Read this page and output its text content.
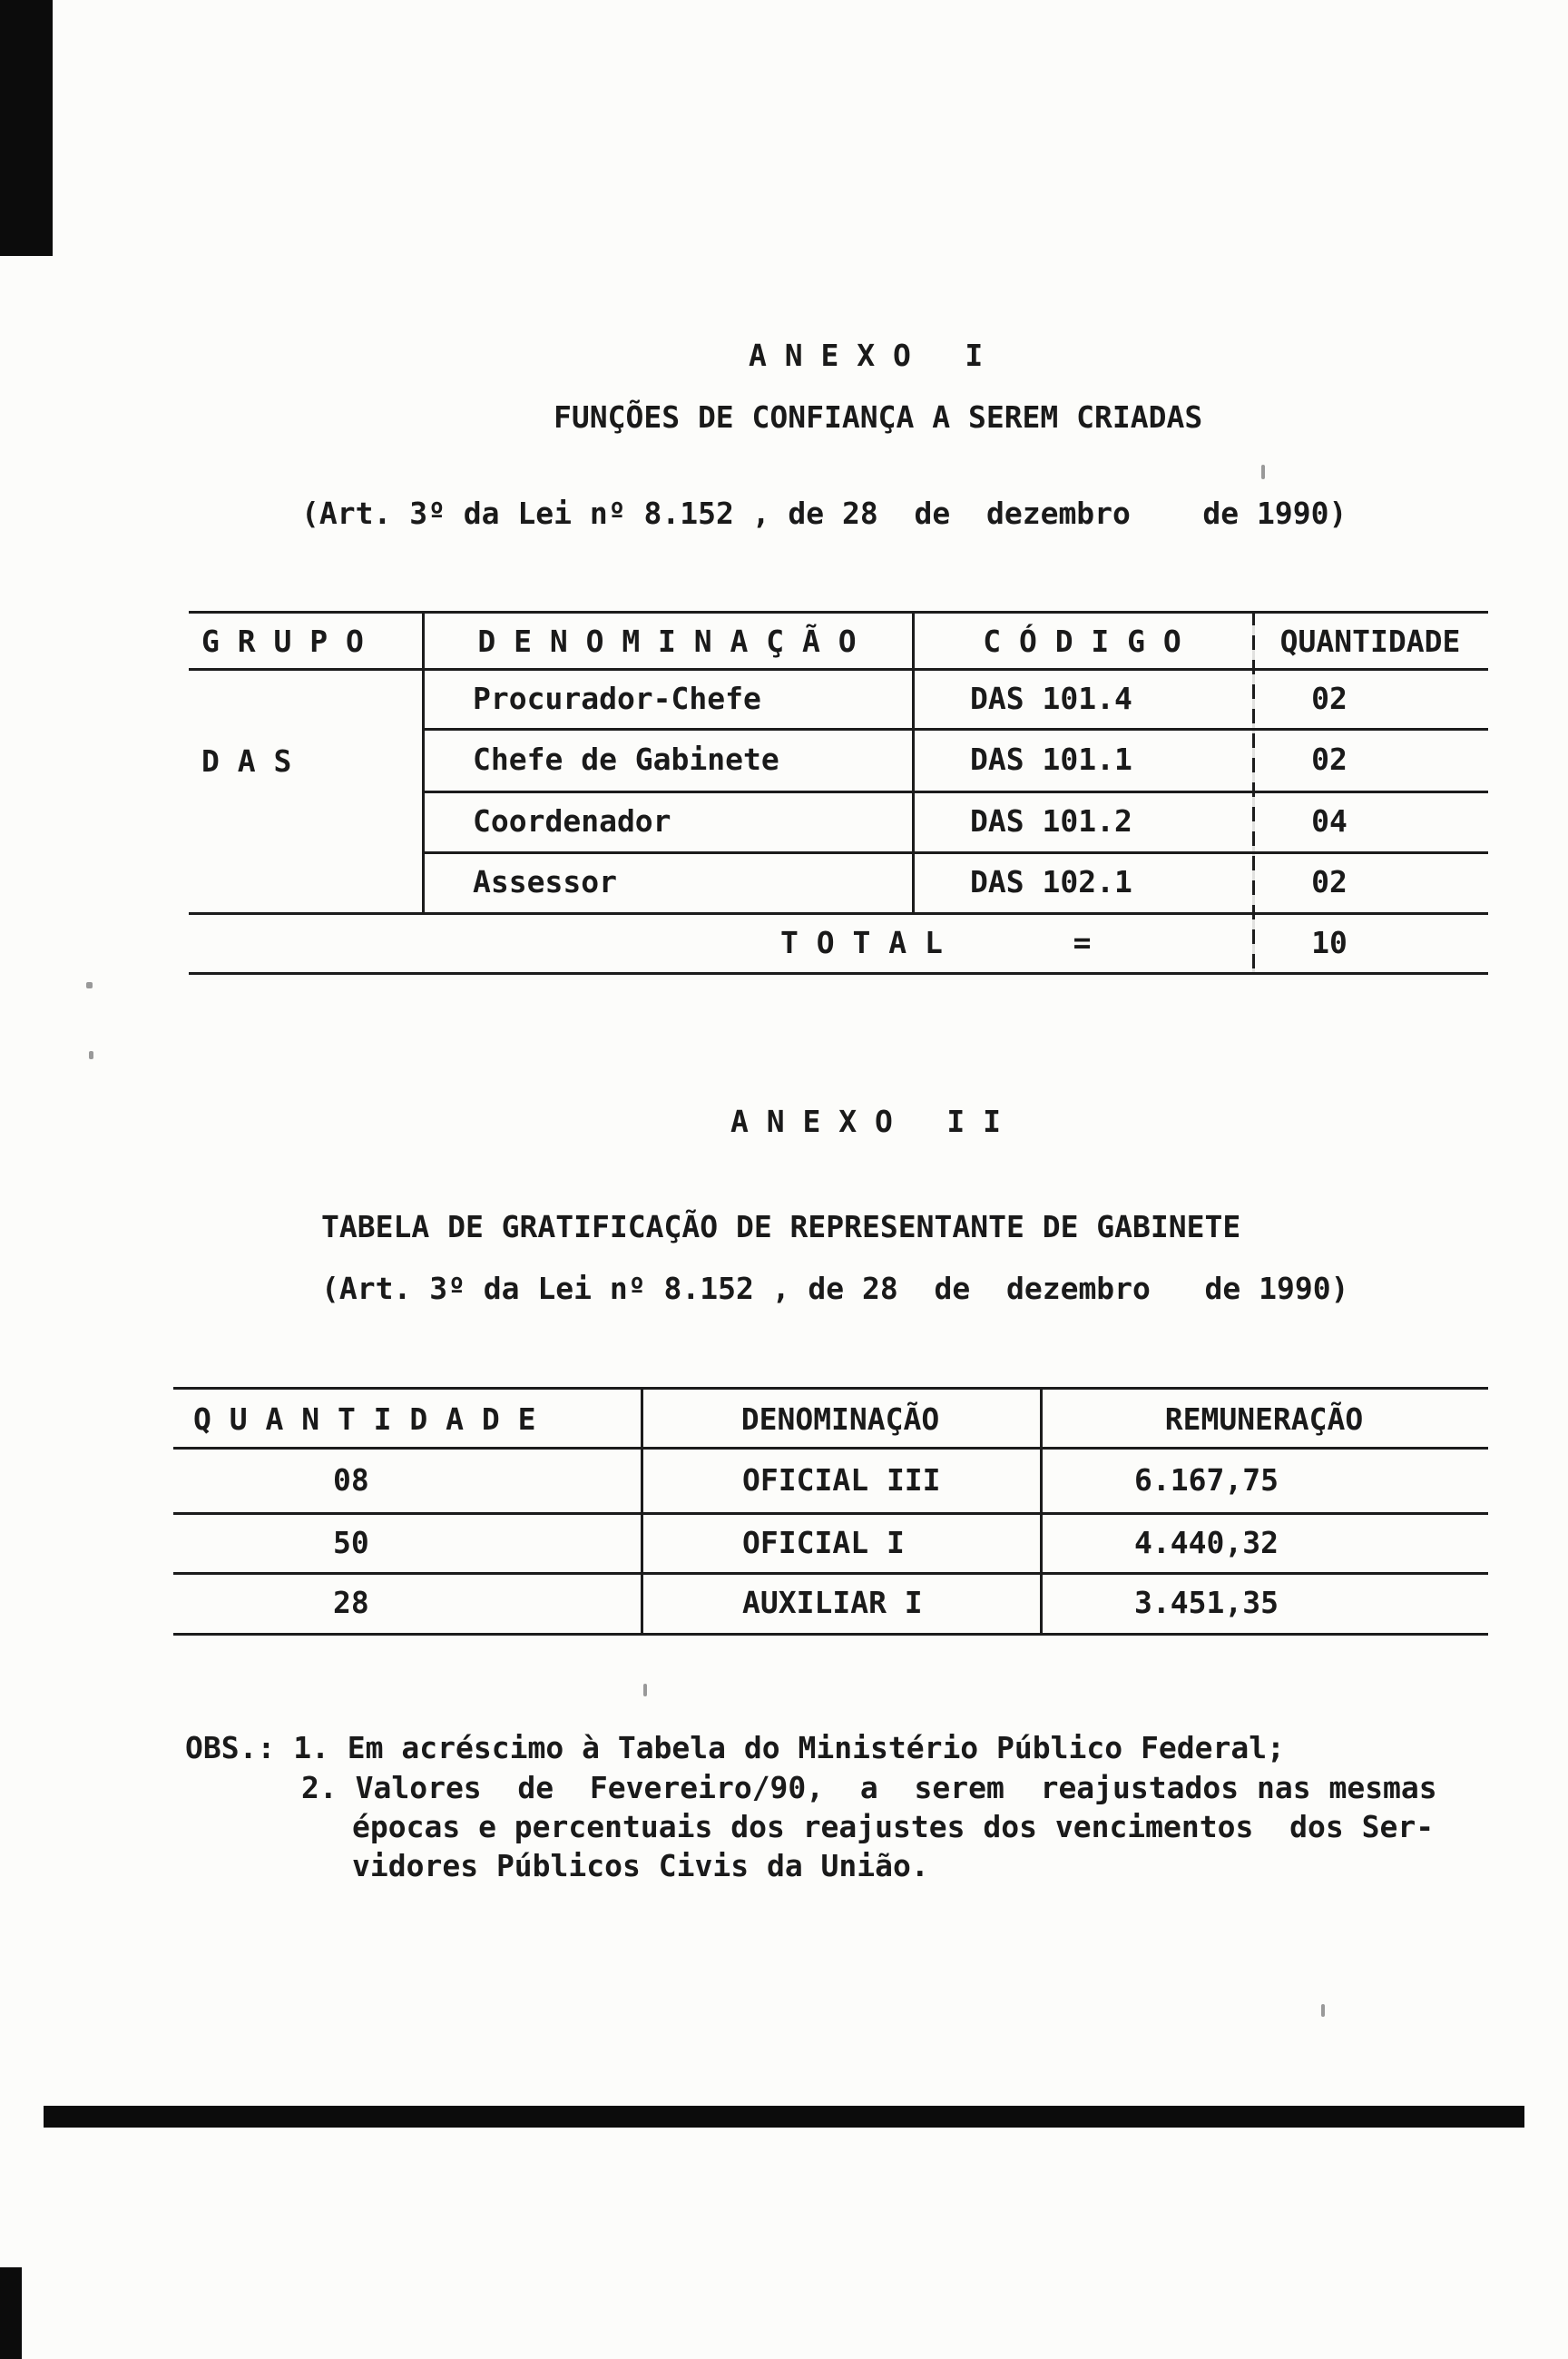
A N E X O   I
FUNÇÕES DE CONFIANÇA A SEREM CRIADAS
(Art. 3º da Lei nº 8.152 , de 28  de  dezembro    de 1990)
G R U P O	D E N O M I N A Ç Ã O	C Ó D I G O	QUANTIDADE
D A S
Procurador-Chefe	DAS 101.4	02
Chefe de Gabinete	DAS 101.1	02
Coordenador	DAS 101.2	04
Assessor	DAS 102.1	02
T O T A L	=	10
A N E X O   I I
TABELA DE GRATIFICAÇÃO DE REPRESENTANTE DE GABINETE
(Art. 3º da Lei nº 8.152 , de 28  de  dezembro   de 1990)
Q U A N T I D A D E	DENOMINAÇÃO	REMUNERAÇÃO
08	OFICIAL III	6.167,75
50	OFICIAL I	4.440,32
28	AUXILIAR I	3.451,35
OBS.: 1. Em acréscimo à Tabela do Ministério Público Federal;
2. Valores  de  Fevereiro/90,  a  serem  reajustados nas mesmas
épocas e percentuais dos reajustes dos vencimentos  dos Ser-
vidores Públicos Civis da União.
